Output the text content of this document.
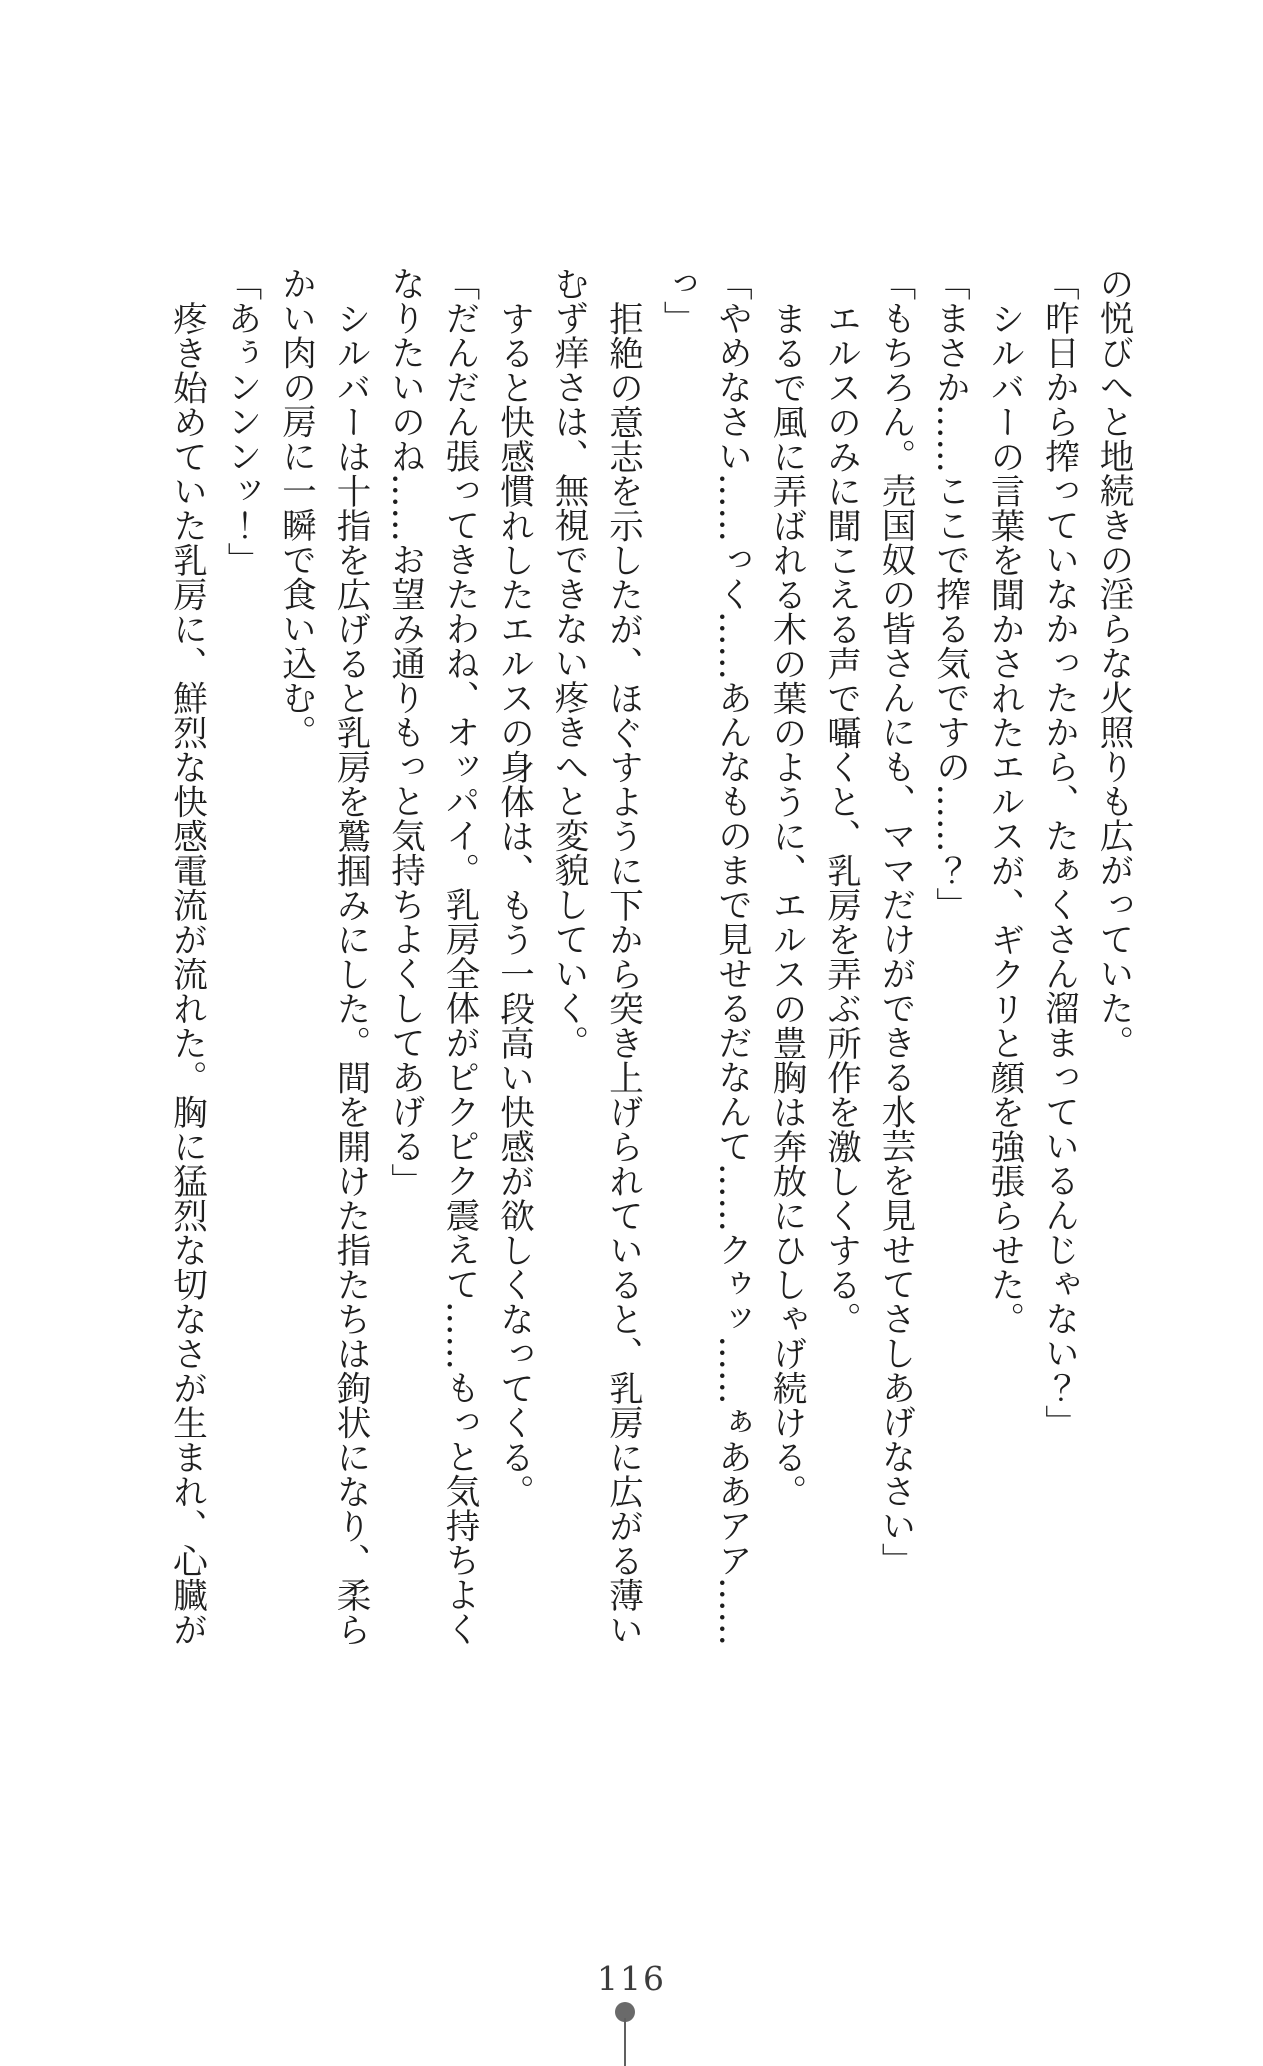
の悦びへと地続きの淫らな火照りも広がっていた。
「昨日から搾っていなかったから、たぁくさん溜まっているんじゃない？」
シルバーの言葉を聞かされたエルスが、ギクリと顔を強張らせた。
「まさか……ここで搾る気ですの……？」
「もちろん。売国奴の皆さんにも、ママだけができる水芸を見せてさしあげなさい」
エルスのみに聞こえる声で囁くと、乳房を弄ぶ所作を激しくする。
まるで風に弄ばれる木の葉のように、エルスの豊胸は奔放にひしゃげ続ける。
「やめなさい……っく……あんなものまで見せるだなんて……クゥッ……ぁああアア……
っ」
拒絶の意志を示したが、ほぐすように下から突き上げられていると、乳房に広がる薄い
むず痒さは、無視できない疼きへと変貌していく。
すると快感慣れしたエルスの身体は、もう一段高い快感が欲しくなってくる。
「だんだん張ってきたわね、オッパイ。乳房全体がピクピク震えて……もっと気持ちよく
なりたいのね……お望み通りもっと気持ちよくしてあげる」
シルバーは十指を広げると乳房を鷲掴みにした。間を開けた指たちは鉤状になり、柔ら
かい肉の房に一瞬で食い込む。
「あぅンンンッ！」
疼き始めていた乳房に、鮮烈な快感電流が流れた。胸に猛烈な切なさが生まれ、心臓が
116
